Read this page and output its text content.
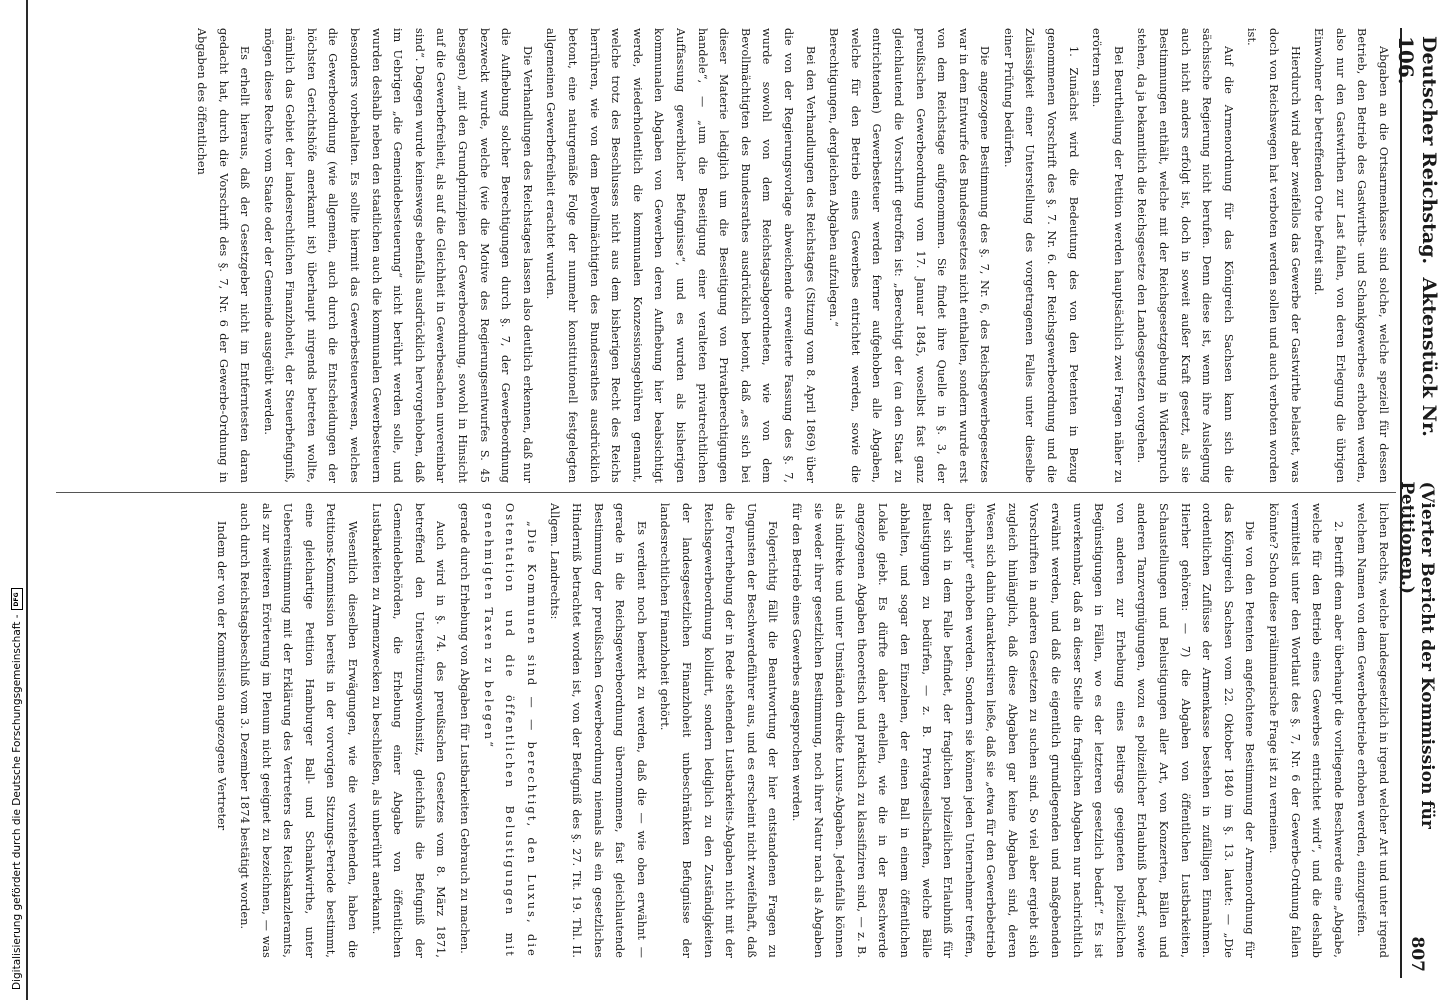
Digitalisierung gefördert durch die Deutsche Forschungsgemeinschaft -
DFG
Deutscher Reichstag.  Aktenstück Nr. 106.
(Vierter Bericht der Kommission für Petitionen.)
807

Abgaben an die Ortsarmenkasse sind solche, welche speziell für dessen Betrieb, den Betrieb des Gastwirths- und Schankgewerbes erhoben werden, also nur den Gastwirthen zur Last fallen, von deren Erlegung die übrigen Einwohner der betreffenden Orte befreit sind.

Hierdurch wird aber zweifellos das Gewerbe der Gastwirthe belastet, was doch von Reichswegen hat verboten werden sollen und auch verboten worden ist.

Auf die Armenordnung für das Königreich Sachsen kann sich die sächsische Regierung nicht berufen. Denn diese ist, wenn ihre Auslegung auch nicht anders erfolgt ist, doch in soweit außer Kraft gesetzt, als sie Bestimmungen enthält, welche mit der Reichsgesetzgebung in Widerspruch stehen, da ja bekanntlich die Reichsgesetze den Landesgesetzen vorgehen.

Bei Beurtheilung der Petition werden hauptsächlich zwei Fragen näher zu erörtern sein.

1. Zunächst wird die Bedeutung des von den Petenten in Bezug genommenen Vorschrift des §. 7. Nr. 6. der Reichsgewerbeordnung und die Zulässigkeit einer Unterstellung des vorgetragenen Falles unter dieselbe einer Prüfung bedürfen.

Die angezogene Bestimmung des §. 7, Nr. 6, des Reichsgewerbegesetzes war in dem Entwurfe des Bundesgesetzes nicht enthalten, sondern wurde erst von dem Reichstage aufgenommen. Sie findet ihre Quelle in §. 3, der preußischen Gewerbeordnung vom 17. Januar 1845, woselbst fast ganz gleichlautend die Vorschrift getroffen ist: „Berechtigt der (an den Staat zu entrichtenden) Gewerbesteuer werden ferner aufgehoben alle Abgaben, welche für den Betrieb eines Gewerbes entrichtet werden, sowie die Berechtigungen, dergleichen Abgaben aufzulegen.“

Bei den Verhandlungen des Reichstages (Sitzung vom 8. April 1869) über die von der Regierungsvorlage abweichende erweiterte Fassung des §. 7, wurde sowohl von dem Reichstagsabgeordneten, wie von dem Bevollmächtigten des Bundesrathes ausdrücklich betont, daß „es sich bei dieser Materie lediglich um die Beseitigung von Privatberechtigungen handele“, — „um die Beseitigung einer veralteten privatrechtlichen Auffassung gewerblicher Befugnisse“, und es wurden als bisherigen kommunalen Abgaben von Gewerben deren Aufhebung hier beabsichtigt werde, wiederholentlich die kommunalen Konzessionsgebühren genannt, welche trotz des Beschlusses nicht aus dem bisherigen Recht des Reichs herrühren, wie von dem Bevollmächtigten des Bundesrathes ausdrücklich betont, eine naturgemäße Folge der nunmehr konstitutionell festgelegten allgemeinen Gewerbefreiheit erachtet wurden.

Die Verhandlungen des Reichstages lassen also deutlich erkennen, daß nur die Aufhebung solcher Berechtigungen durch §. 7, der Gewerbeordnung bezweckt wurde, welche (wie die Motive des Regierungsentwurfes S. 45 besagen) „mit den Grundprinzipien der Gewerbeordnung, sowohl in Hinsicht auf die Gewerbefreiheit, als auf die Gleichheit in Gewerbesachen unvereinbar sind“. Dagegen wurde keineswegs ebenfalls ausdrücklich hervorgehoben, daß im Uebrigen „die Gemeindebesteuerung“ nicht berührt werden solle, und wurden deshalb neben den staatlichen auch die kommunalen Gewerbesteuern besonders vorbehalten. Es sollte hiermit das Gewerbesteuerwesen, welches die Gewerbeordnung (wie allgemein, auch durch die Entscheidungen der höchsten Gerichtshöfe anerkannt ist) überhaupt nirgends betreten wollte, nämlich das Gebiet der landesrechtlichen Finanzhoheit, der Steuerbefugniß, mögen diese Rechte vom Staate oder der Gemeinde ausgeübt werden.

Es erhellt hieraus, daß der Gesetzgeber nicht im Entferntesten daran gedacht hat, durch die Vorschrift des §. 7, Nr. 6 der Gewerbe-Ordnung in Abgaben des öffentlichen

lichen Rechts, welche landesgesetzlich in irgend welcher Art und unter irgend welchem Namen von dem Gewerbebetriebe erhoben werden, einzugreifen.

2. Betrifft denn aber überhaupt die vorliegende Beschwerde eine „Abgabe, welche für den Betrieb eines Gewerbes entrichtet wird“, und die deshalb vermittelst unter den Wortlaut des §. 7, Nr. 6 der Gewerbe-Ordnung fallen könnte? Schon diese präliminarische Frage ist zu verneinen.

Die von den Petenten angefochtene Bestimmung der Armenordnung für das Königreich Sachsen vom 22. Oktober 1840 im §. 13. lautet: — „Die ordentlichen Zuflüsse der Armenkasse bestehen in zufälligen Einnahmen. Hierher gehören: — 7) die Abgaben von öffentlichen Lustbarkeiten, Schaustellungen und Belustigungen aller Art, von Konzerten, Bällen und anderen Tanzvergnügungen, wozu es polizeilicher Erlaubniß bedarf, sowie von anderen zur Erhebung eines Beitrags geeigneten polizeilichen Begünstigungen in Fällen, wo es der letzteren gesetzlich bedarf.“ Es ist unverkennbar, daß an dieser Stelle die fraglichen Abgaben nur nachrichtlich erwähnt werden, und daß die eigentlich grundlegenden und maßgebenden Vorschriften in anderen Gesetzen zu suchen sind. So viel aber ergiebt sich zugleich hinlänglich, daß diese Abgaben gar keine Abgaben sind, deren Wesen sich dahin charakterisiren ließe, daß sie „etwa für den Gewerbebetrieb überhaupt“ erhoben werden. Sondern sie können jeden Unternehmer treffen, der sich in dem Falle befindet, der fraglichen polizeilichen Erlaubniß für Belustigungen zu bedürfen, — z. B. Privatgesellschaften, welche Bälle abhalten, und sogar den Einzelnen, der einen Ball in einem öffentlichen Lokale giebt. Es dürfte daher erhellen, wie die in der Beschwerde angezogenen Abgaben theoretisch und praktisch zu klassifiziren sind, — z. B. als indirekte und unter Umständen direkte Luxus-Abgaben. Jedenfalls können sie weder ihrer gesetzlichen Bestimmung, noch ihrer Natur nach als Abgaben für den Betrieb eines Gewerbes angesprochen werden.

Folgerichtig fällt die Beantwortung der hier entstandenen Fragen zu Ungunsten der Beschwerdeführer aus, und es erscheint nicht zweifelhaft, daß die Forterhebung der in Rede stehenden Lustbarkeits-Abgaben nicht mit der Reichsgewerbeordnung kollidirt, sondern lediglich zu den Zuständigkeiten der landesgesetzlichen Finanzhoheit unbeschränkten Befugnisse der landesrechtlichen Finanzhoheit gehört.

Es verdient noch bemerkt zu werden, daß die — wie oben erwähnt — gerade in die Reichsgewerbeordnung übernommene, fast gleichlautende Bestimmung der preußischen Gewerbeordnung niemals als ein gesetzliches Hinderniß betrachtet worden ist, von der Befugniß des §. 27. Tit. 19. Thl. II. Allgem. Landrechts:

„Die Kommunen sind — — berechtigt, den Luxus, die Ostentation und die öffentlichen Belustigungen mit genehmigten Taxen zu belegen“

gerade durch Erhebung von Abgaben für Lustbarkeiten Gebrauch zu machen.

Auch wird in §. 74. des preußischen Gesetzes vom 8. März 1871, betreffend den Unterstützungswohnsitz, gleichfalls die Befugniß der Gemeindebehörden, die Erhebung einer Abgabe von öffentlichen Lustbarkeiten zu Armenzwecken zu beschließen, als unberührt anerkannt.

Wesentlich dieselben Erwägungen, wie die vorstehenden, haben die Petitions-Kommission bereits in der vorvorigen Sitzungs-Periode bestimmt, eine gleichartige Petition Hamburger Ball- und Schankwirthe, unter Uebereinstimmung mit der Erklärung des Vertreters des Reichskanzleramts, als zur weiteren Erörterung im Plenum nicht geeignet zu bezeichnen, — was auch durch Reichstagsbeschluß vom 3. Dezember 1874 bestätigt worden.

Indem der von der Kommission angezogene Vertreter
